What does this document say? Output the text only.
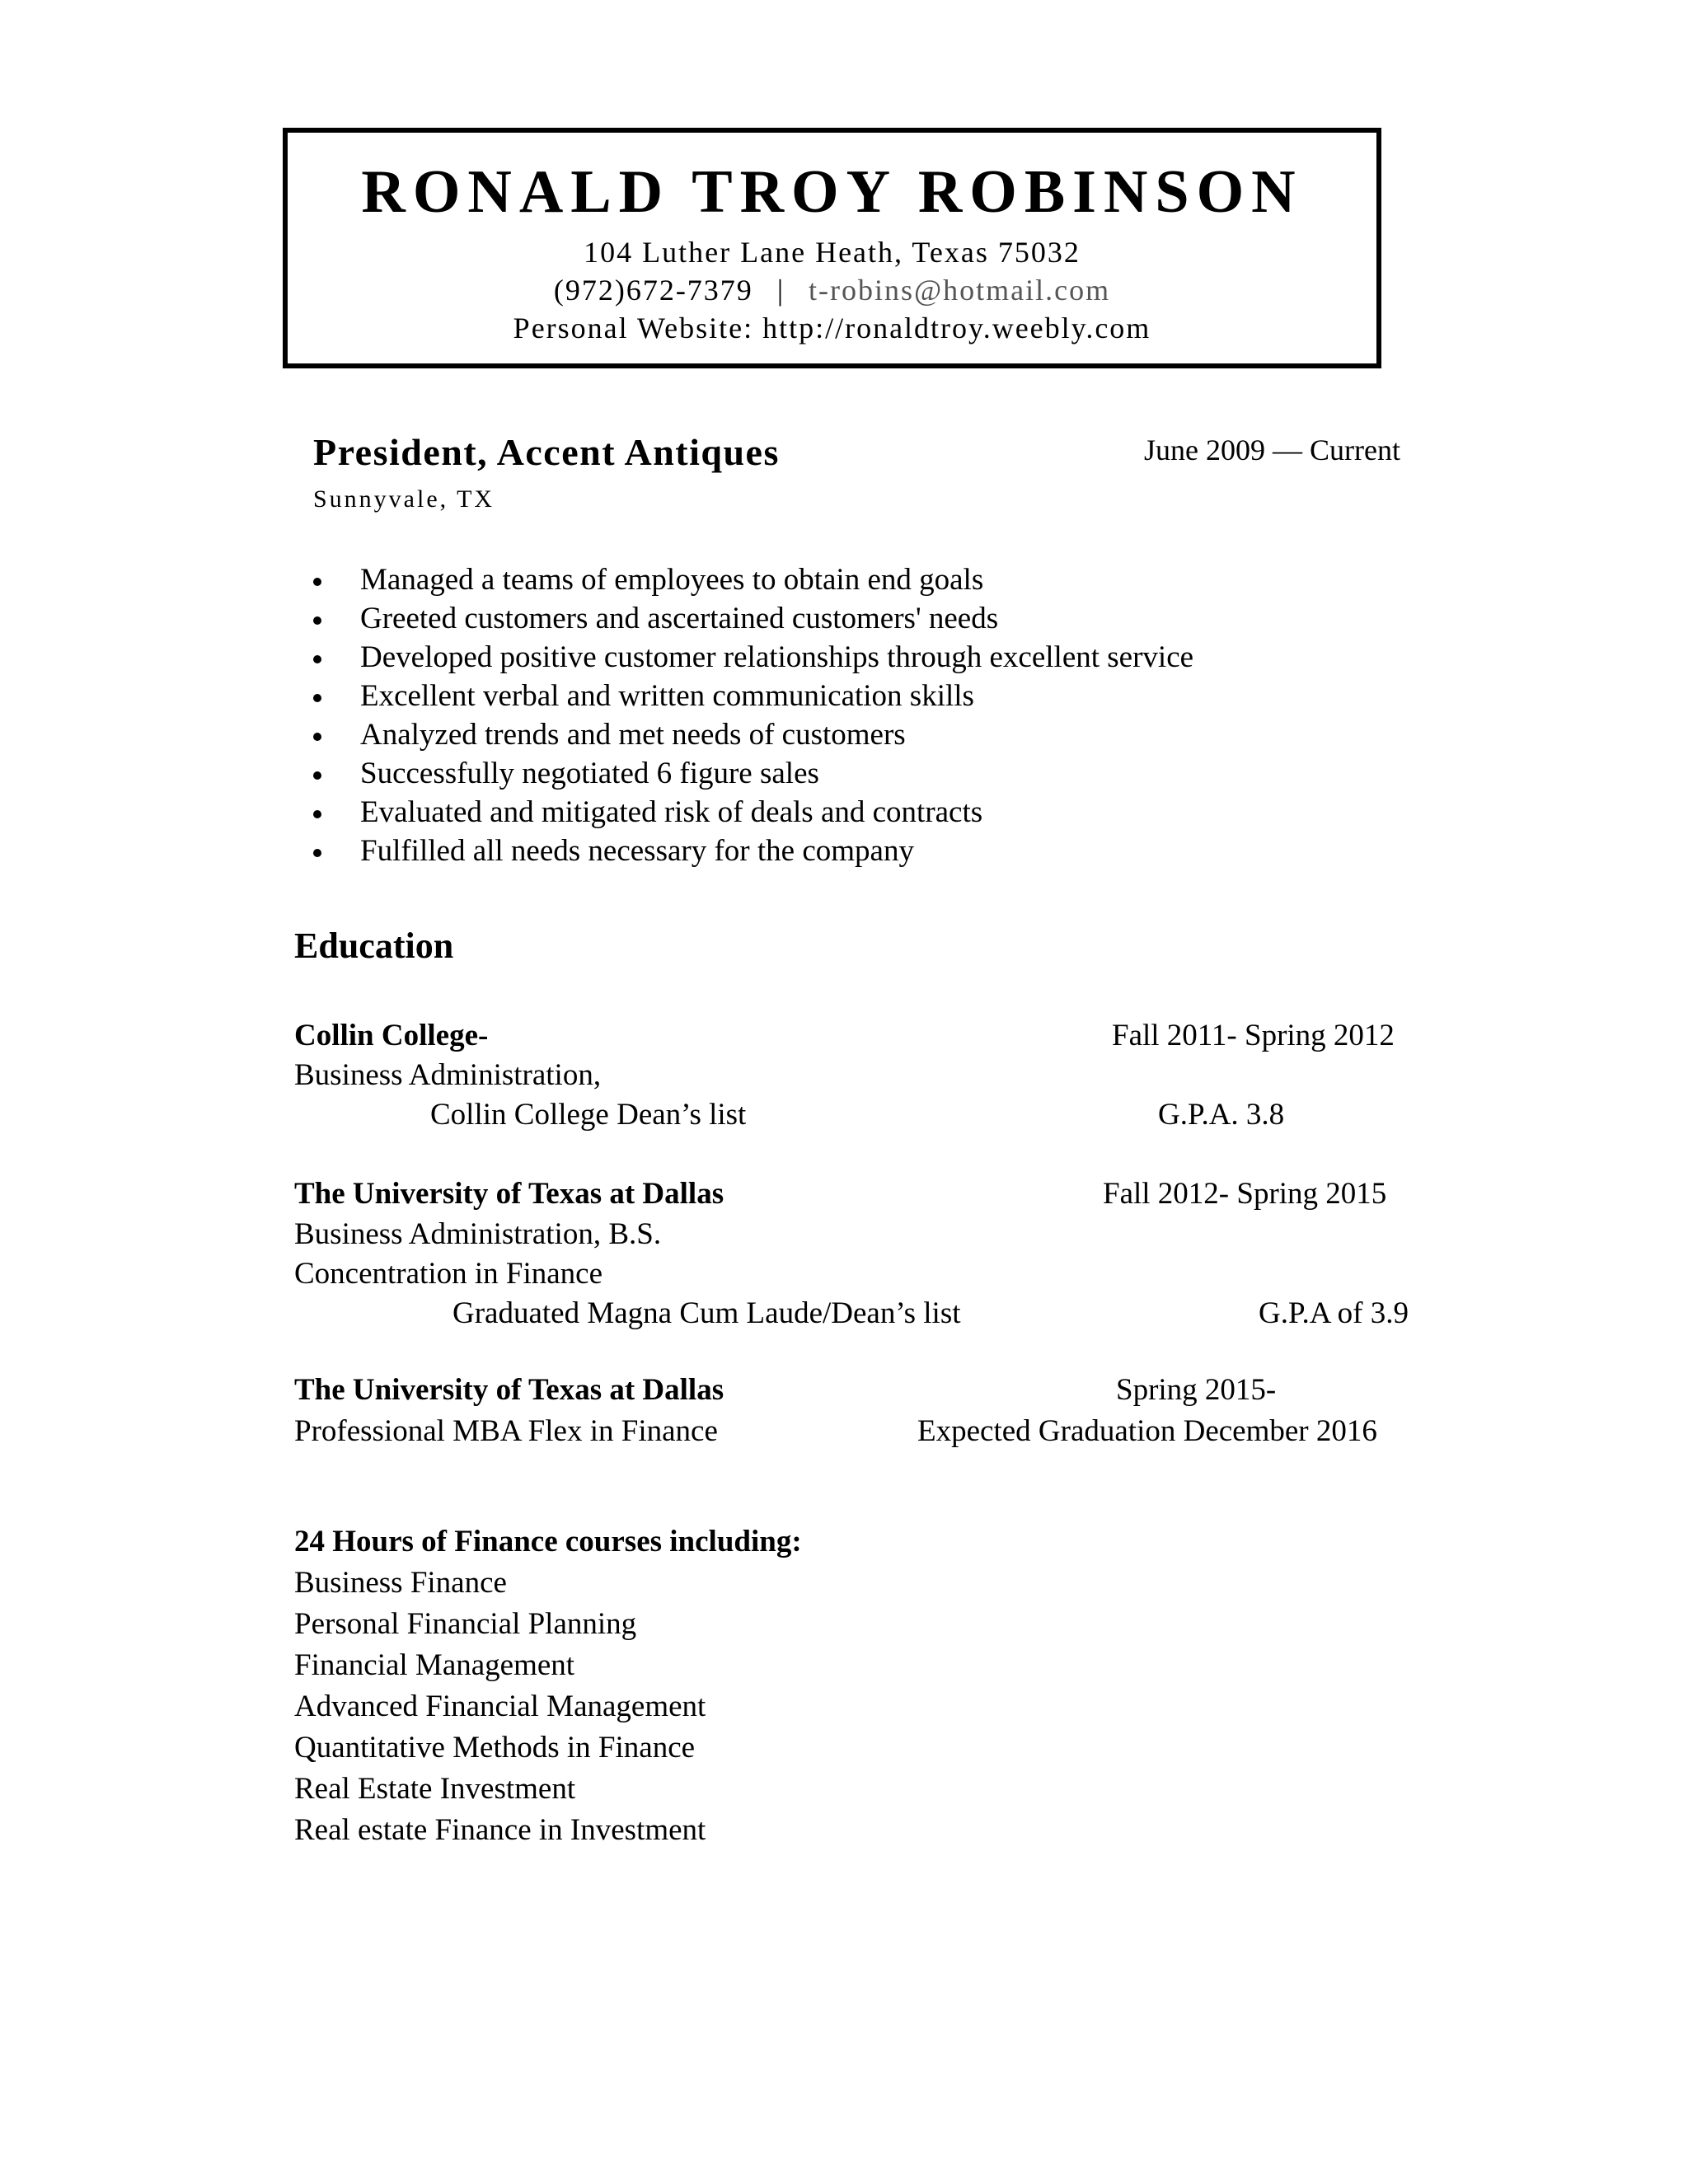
RONALD TROY ROBINSON
104 Luther Lane Heath, Texas 75032
(972)672-7379 | t-robins@hotmail.com
Personal Website: http://ronaldtroy.weebly.com
President, Accent Antiques	June 2009 — Current
Sunnyvale, TX
Managed a teams of employees to obtain end goals
Greeted customers and ascertained customers' needs
Developed positive customer relationships through excellent service
Excellent verbal and written communication skills
Analyzed trends and met needs of customers
Successfully negotiated 6 figure sales
Evaluated and mitigated risk of deals and contracts
Fulfilled all needs necessary for the company
Education
Collin College-	Fall 2011- Spring 2012
Business Administration,
Collin College Dean’s list	G.P.A. 3.8
The University of Texas at Dallas	Fall 2012- Spring 2015
Business Administration, B.S.
Concentration in Finance
Graduated Magna Cum Laude/Dean’s list	G.P.A of 3.9
The University of Texas at Dallas	Spring 2015-
Professional MBA Flex in Finance	Expected Graduation December 2016
24 Hours of Finance courses including:
Business Finance
Personal Financial Planning
Financial Management
Advanced Financial Management
Quantitative Methods in Finance
Real Estate Investment
Real estate Finance in Investment
